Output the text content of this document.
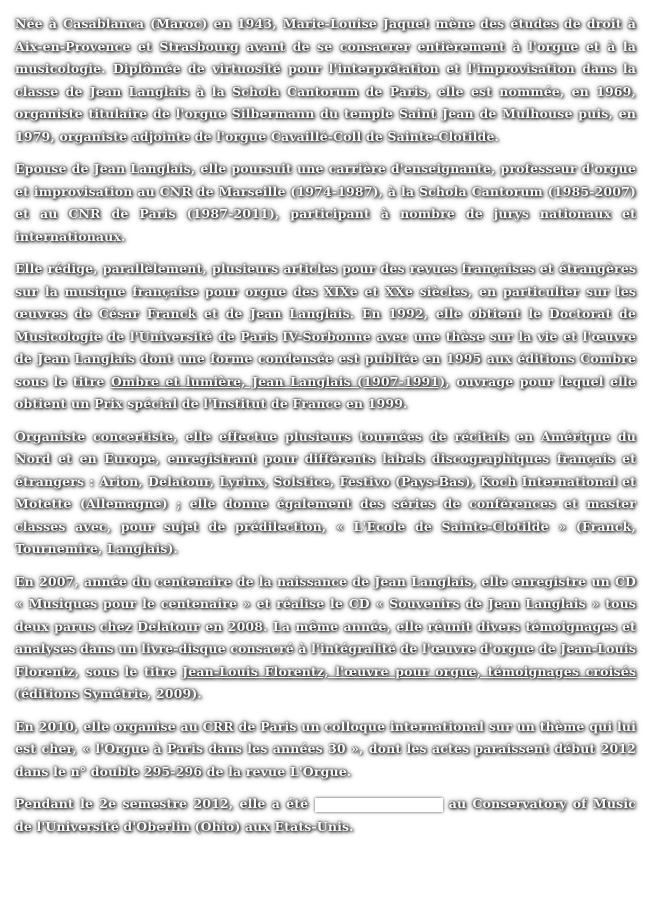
Née à Casablanca (Maroc) en 1943, Marie-Louise Jaquet mène des études de droit à Aix-en-Provence et Strasbourg avant de se consacrer entièrement à l'orgue et à la musicologie. Diplômée de virtuosité pour l'interprétation et l'improvisation dans la classe de Jean Langlais à la Schola Cantorum de Paris, elle est nommée, en 1969, organiste titulaire de l'orgue Silbermann du temple Saint Jean de Mulhouse puis, en 1979, organiste adjointe de l'orgue Cavaillé-Coll de Sainte-Clotilde.

Epouse de Jean Langlais, elle poursuit une carrière d'enseignante, professeur d'orgue et improvisation au CNR de Marseille (1974-1987), à la Schola Cantorum (1985-2007) et au CNR de Paris (1987-2011), participant à nombre de jurys nationaux et internationaux.

Elle rédige, parallèlement, plusieurs articles pour des revues françaises et étrangères sur la musique française pour orgue des XIXe et XXe siècles, en particulier sur les œuvres de César Franck et de Jean Langlais. En 1992, elle obtient le Doctorat de Musicologie de l'Université de Paris IV-Sorbonne avec une thèse sur la vie et l'œuvre de Jean Langlais dont une forme condensée est publiée en 1995 aux éditions Combre sous le titre Ombre et lumière, Jean Langlais (1907-1991), ouvrage pour lequel elle obtient un Prix spécial de l'Institut de France en 1999.

Organiste concertiste, elle effectue plusieurs tournées de récitals en Amérique du Nord et en Europe, enregistrant pour différents labels discographiques français et étrangers : Arion, Delatour, Lyrinx, Solstice, Festivo (Pays-Bas), Koch International et Motette (Allemagne) ; elle donne également des séries de conférences et master classes avec, pour sujet de prédilection, « L'Ecole de Sainte-Clotilde » (Franck, Tournemire, Langlais).

En 2007, année du centenaire de la naissance de Jean Langlais, elle enregistre un CD « Musiques pour le centenaire » et réalise le CD « Souvenirs de Jean Langlais » tous deux parus chez Delatour en 2008. La même année, elle réunit divers témoignages et analyses dans un livre-disque consacré à l'intégralité de l'œuvre d'orgue de Jean-Louis Florentz, sous le titre Jean-Louis Florentz, l'œuvre pour orgue, témoignages croisés (éditions Symétrie, 2009).

En 2010, elle organise au CRR de Paris un colloque international sur un thème qui lui est cher, « l'Orgue à Paris dans les années 30 », dont les actes paraissent début 2012 dans le n° double 295-296 de la revue L'Orgue.

Pendant le 2e semestre 2012, elle a été	au Conservatory of Music de l'Université d'Oberlin (Ohio) aux Etats-Unis.
